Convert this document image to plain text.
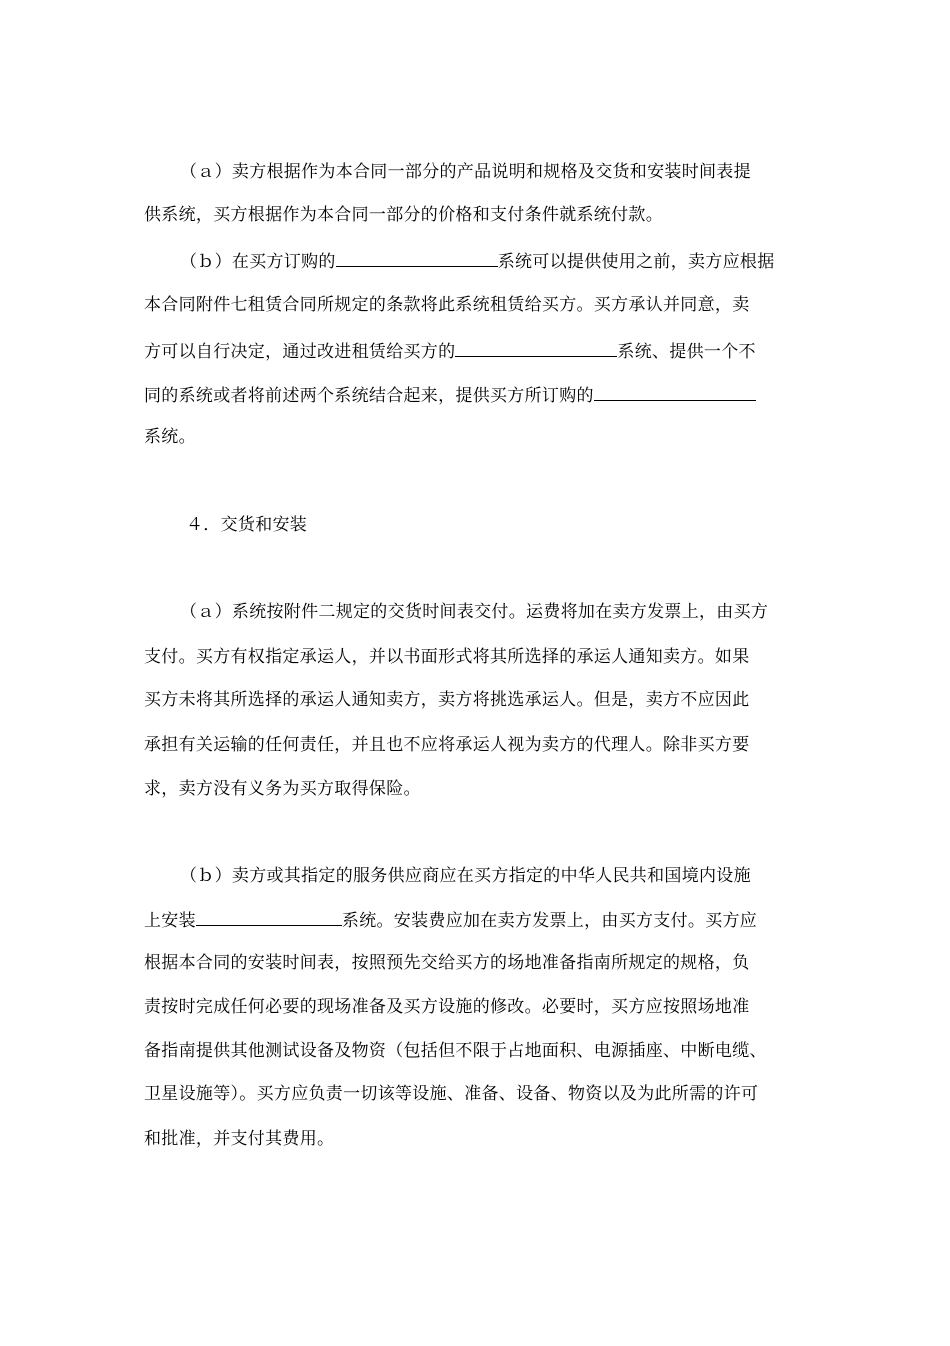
（ａ）卖方根据作为本合同一部分的产品说明和规格及交货和安装时间表提
供系统，买方根据作为本合同一部分的价格和支付条件就系统付款。
（ｂ）在买方订购的	系统可以提供使用之前，卖方应根据
本合同附件七租赁合同所规定的条款将此系统租赁给买方。买方承认并同意，卖
方可以自行决定，通过改进租赁给买方的	系统、提供一个不
同的系统或者将前述两个系统结合起来，提供买方所订购的
系统。
４．交货和安装
（ａ）系统按附件二规定的交货时间表交付。运费将加在卖方发票上，由买方
支付。买方有权指定承运人，并以书面形式将其所选择的承运人通知卖方。如果
买方未将其所选择的承运人通知卖方，卖方将挑选承运人。但是，卖方不应因此
承担有关运输的任何责任，并且也不应将承运人视为卖方的代理人。除非买方要
求，卖方没有义务为买方取得保险。
（ｂ）卖方或其指定的服务供应商应在买方指定的中华人民共和国境内设施
上安装	系统。安装费应加在卖方发票上，由买方支付。买方应
根据本合同的安装时间表，按照预先交给买方的场地准备指南所规定的规格，负
责按时完成任何必要的现场准备及买方设施的修改。必要时，买方应按照场地准
备指南提供其他测试设备及物资（包括但不限于占地面积、电源插座、中断电缆、
卫星设施等）。买方应负责一切该等设施、准备、设备、物资以及为此所需的许可
和批准，并支付其费用。
